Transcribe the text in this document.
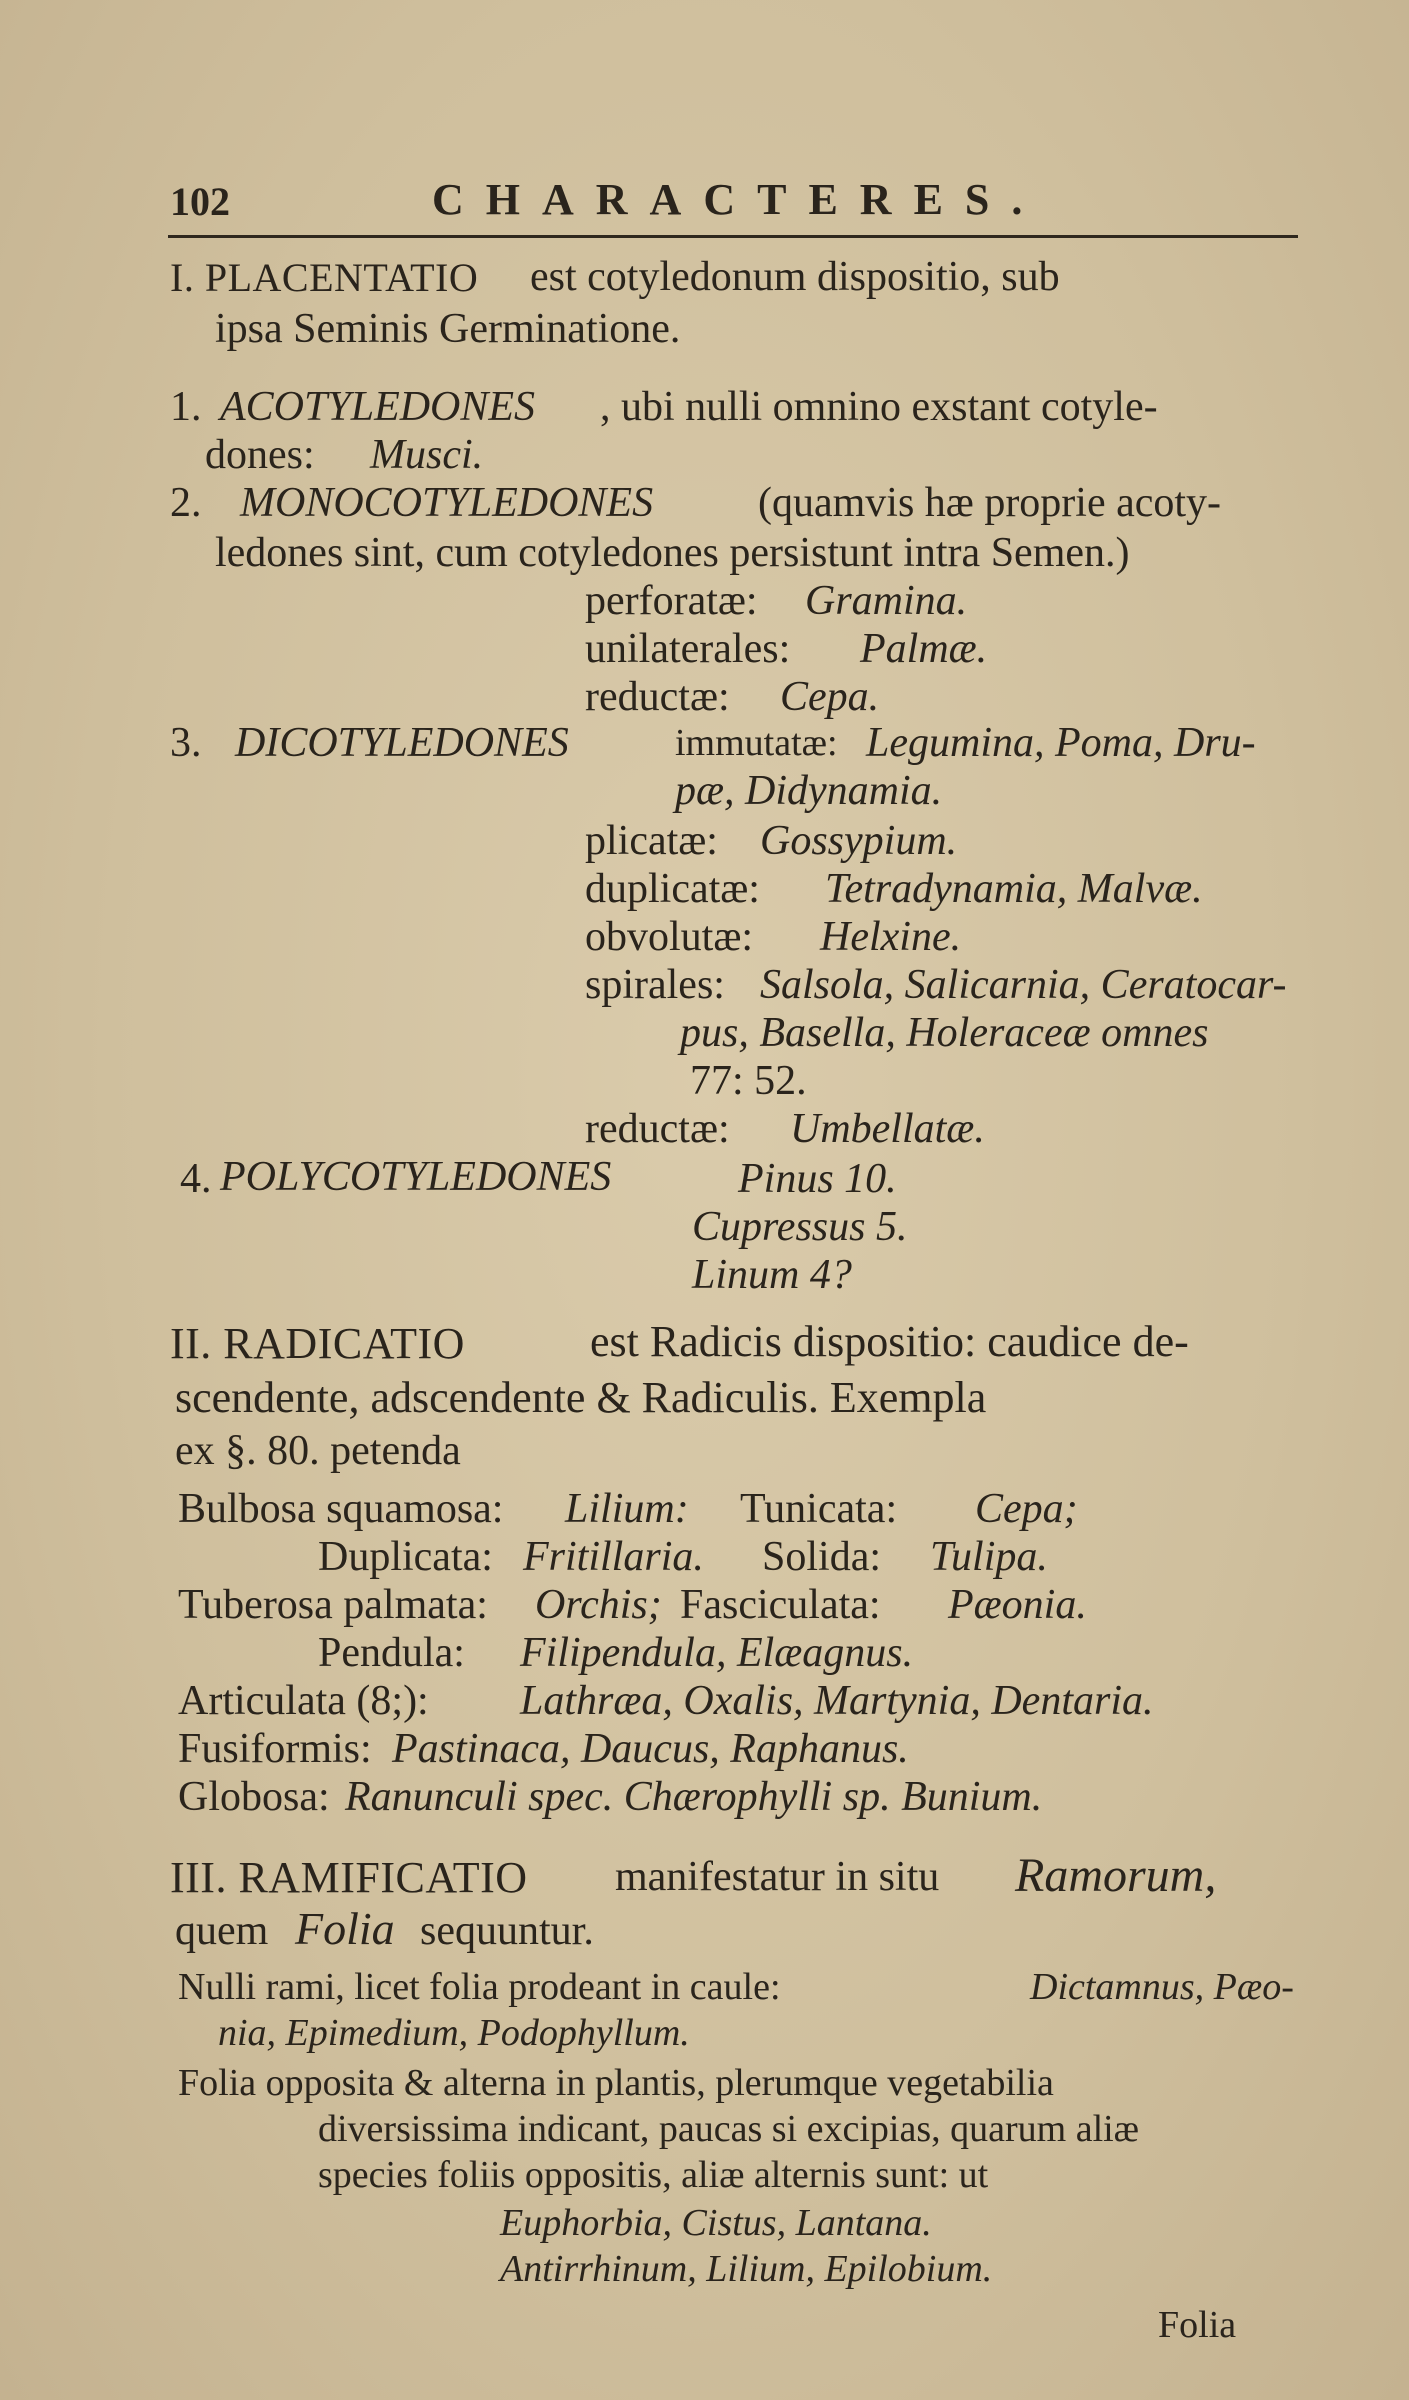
102	CHARACTERES.
I. PLACENTATIO est cotyledonum dispositio, sub
ipsa Seminis Germinatione.
1. ACOTYLEDONES , ubi nulli omnino exstant cotyle-
dones: Musci.
2. MONOCOTYLEDONES (quamvis hæ proprie acoty-
ledones sint, cum cotyledones persistunt intra Semen.)
perforatæ: Gramina.
unilaterales: Palmæ.
reductæ: Cepa.
3. DICOTYLEDONES	immutatæ: Legumina, Poma, Dru-
pæ, Didynamia.
plicatæ: Gossypium.
duplicatæ: Tetradynamia, Malvæ.
obvolutæ: Helxine.
spirales: Salsola, Salicarnia, Ceratocar-
pus, Basella, Holeraceæ omnes
77: 52.
reductæ: Umbellatæ.
4. POLYCOTYLEDONES	Pinus 10.
Cupressus 5.
Linum 4?
II. RADICATIO	est Radicis dispositio: caudice de-
scendente, adscendente & Radiculis. Exempla
ex §. 80. petenda
Bulbosa squamosa: Lilium: Tunicata: Cepa;
Duplicata: Fritillaria. Solida: Tulipa.
Tuberosa palmata: Orchis; Fasciculata: Pæonia.
Pendula: Filipendula, Elæagnus.
Articulata (8;): Lathræa, Oxalis, Martynia, Dentaria.
Fusiformis: Pastinaca, Daucus, Raphanus.
Globosa: Ranunculi spec. Chærophylli sp. Bunium.
III. RAMIFICATIO manifestatur in situ Ramorum,
quem Folia sequuntur.
Nulli rami, licet folia prodeant in caule:	Dictamnus, Pæo-
nia, Epimedium, Podophyllum.
Folia opposita & alterna in plantis, plerumque vegetabilia
diversissima indicant, paucas si excipias, quarum aliæ
species foliis oppositis, aliæ alternis sunt: ut
Euphorbia, Cistus, Lantana.
Antirrhinum, Lilium, Epilobium.
Folia
